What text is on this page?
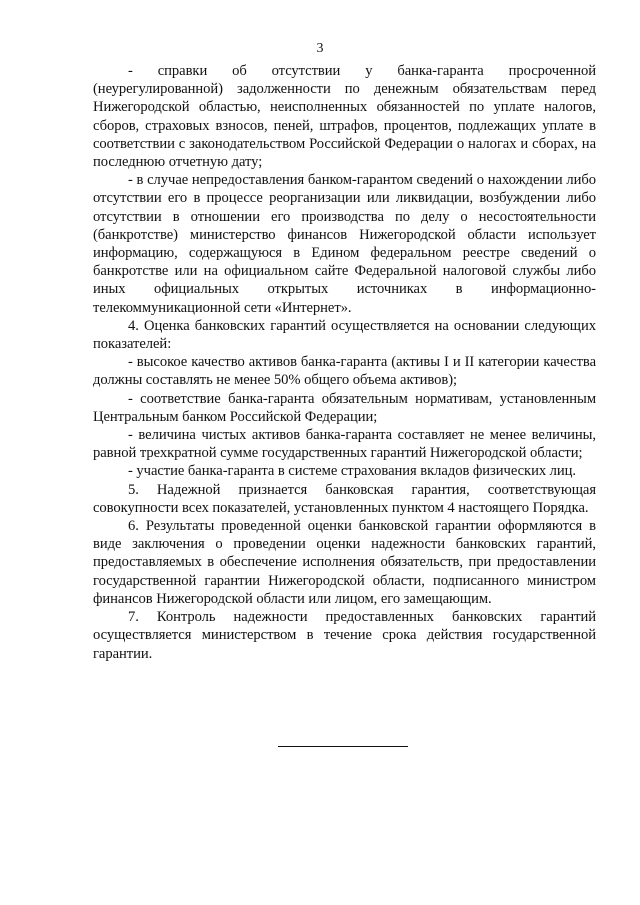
3

- справки об отсутствии у банка-гаранта просроченной (неурегулированной) задолженности по денежным обязательствам перед Нижегородской областью, неисполненных обязанностей по уплате налогов, сборов, страховых взносов, пеней, штрафов, процентов, подлежащих уплате в соответствии с законодательством Российской Федерации о налогах и сборах, на последнюю отчетную дату;

- в случае непредоставления банком-гарантом сведений о нахождении либо отсутствии его в процессе реорганизации или ликвидации, возбуждении либо отсутствии в отношении его производства по делу о несостоятельности (банкротстве) министерство финансов Нижегородской области использует информацию, содержащуюся в Едином федеральном реестре сведений о банкротстве или на официальном сайте Федеральной налоговой службы либо иных официальных открытых источниках в информационно-телекоммуникационной сети «Интернет».

4. Оценка банковских гарантий осуществляется на основании следующих показателей:

- высокое качество активов банка-гаранта (активы I и II категории качества должны составлять не менее 50% общего объема активов);

- соответствие банка-гаранта обязательным нормативам, установленным Центральным банком Российской Федерации;

- величина чистых активов банка-гаранта составляет не менее величины, равной трехкратной сумме государственных гарантий Нижегородской области;

- участие банка-гаранта в системе страхования вкладов физических лиц.

5. Надежной признается банковская гарантия, соответствующая совокупности всех показателей, установленных пунктом 4 настоящего Порядка.

6. Результаты проведенной оценки банковской гарантии оформляются в виде заключения о проведении оценки надежности банковских гарантий, предоставляемых в обеспечение исполнения обязательств, при предоставлении государственной гарантии Нижегородской области, подписанного министром финансов Нижегородской области или лицом, его замещающим.

7. Контроль надежности предоставленных банковских гарантий осуществляется министерством в течение срока действия государственной гарантии.
